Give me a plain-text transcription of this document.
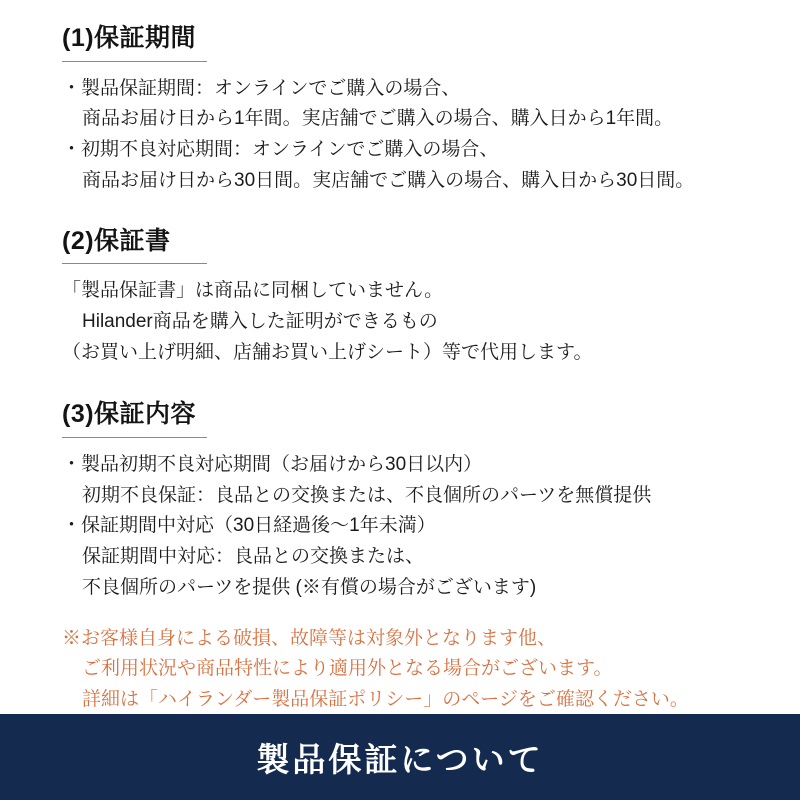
(1)保証期間
・製品保証期間：オンラインでご購入の場合、
商品お届け日から1年間。実店舗でご購入の場合、購入日から1年間。
・初期不良対応期間：オンラインでご購入の場合、
商品お届け日から30日間。実店舗でご購入の場合、購入日から30日間。
(2)保証書
「製品保証書」は商品に同梱していません。
Hilander商品を購入した証明ができるもの
（お買い上げ明細、店舗お買い上げシート）等で代用します。
(3)保証内容
・製品初期不良対応期間（お届けから30日以内）
初期不良保証：良品との交換または、不良個所のパーツを無償提供
・保証期間中対応（30日経過後〜1年未満）
保証期間中対応：良品との交換または、
不良個所のパーツを提供 (※有償の場合がございます)
※お客様自身による破損、故障等は対象外となります他、
ご利用状況や商品特性により適用外となる場合がございます。
詳細は「ハイランダー製品保証ポリシー」のページをご確認ください。
製品保証について
